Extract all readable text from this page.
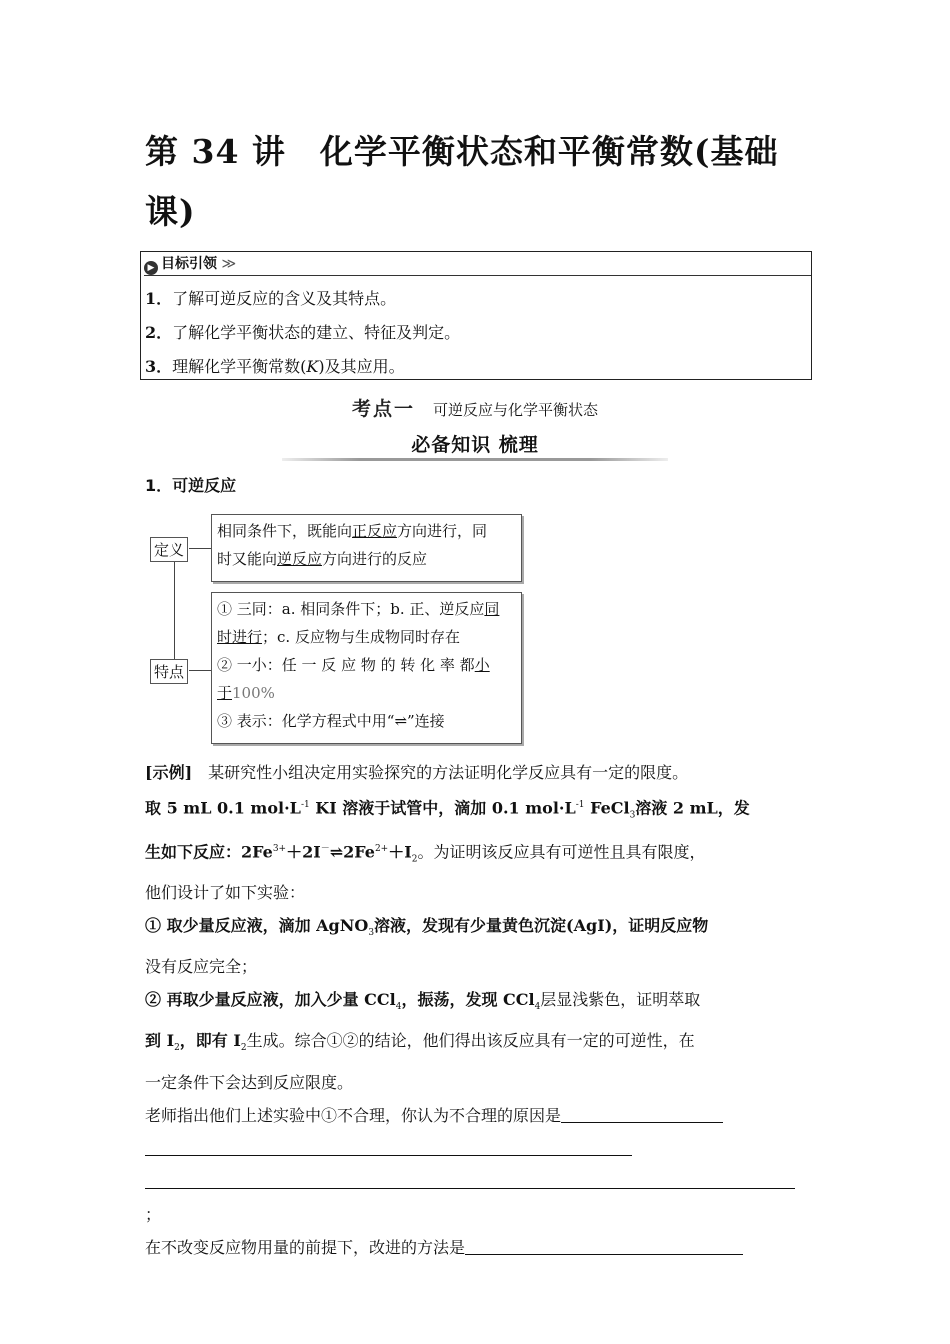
第 34 讲　化学平衡状态和平衡常数(基础
课)
▶ 目标引领 ≫
1．了解可逆反应的含义及其特点。
2．了解化学平衡状态的建立、特征及判定。
3．理解化学平衡常数(K)及其应用。
考点一 可逆反应与化学平衡状态
必备知识 梳理
1．可逆反应
定义
特点
相同条件下，既能向正反应方向进行，同
时又能向逆反应方向进行的反应
① 三同：a. 相同条件下；b. 正、逆反应同
时进行；c. 反应物与生成物同时存在
② 一小：任 一 反 应 物 的 转 化 率 都小
于100%
③ 表示：化学方程式中用“⇌”连接
[示例]　 某研究性小组决定用实验探究的方法证明化学反应具有一定的限度。
取 5 mL 0.1 $mol\cdot L^{-1}$ KI 溶液于试管中，滴加 0.1 $mol\cdot L^{-1}$ FeCl$_3$溶液 2 mL，发
生如下反应：$2Fe^{3+}+2I^-\rightleftharpoons 2Fe^{2+}+I_2$。为证明该反应具有可逆性且具有限度，
他们设计了如下实验：
① 取少量反应液，滴加 AgNO$_3$溶液，发现有少量黄色沉淀(AgI)，证明反应物
没有反应完全；
② 再取少量反应液，加入少量 CCl$_4$，振荡，发现 CCl$_4$层显浅紫色，证明萃取
到 $I_2$，即有 $I_2$生成。综合①②的结论，他们得出该反应具有一定的可逆性，在
一定条件下会达到反应限度。
老师指出他们上述实验中①不合理，你认为不合理的原因是
；
在不改变反应物用量的前提下，改进的方法是
